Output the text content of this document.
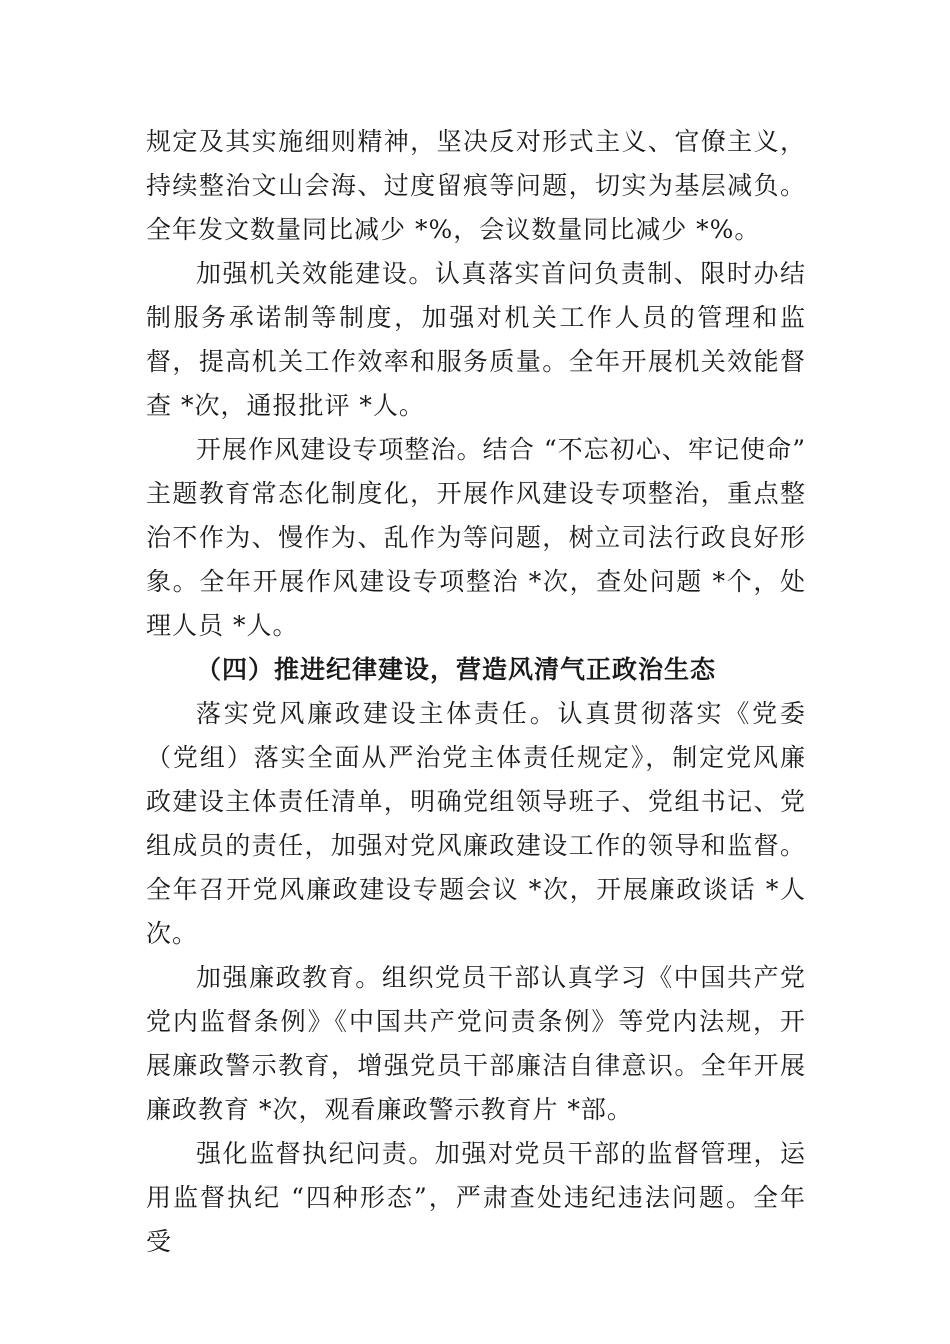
规定及其实施细则精神，坚决反对形式主义、官僚主义，持续整治文山会海、过度留痕等问题，切实为基层减负。全年发文数量同比减少 *%，会议数量同比减少 *%。

加强机关效能建设。认真落实首问负责制、限时办结制服务承诺制等制度，加强对机关工作人员的管理和监督，提高机关工作效率和服务质量。全年开展机关效能督查 *次，通报批评 *人。

开展作风建设专项整治。结合 “不忘初心、牢记使命” 主题教育常态化制度化，开展作风建设专项整治，重点整治不作为、慢作为、乱作为等问题，树立司法行政良好形象。全年开展作风建设专项整治 *次，查处问题 *个，处理人员 *人。

（四）推进纪律建设，营造风清气正政治生态

落实党风廉政建设主体责任。认真贯彻落实《党委（党组）落实全面从严治党主体责任规定》，制定党风廉政建设主体责任清单，明确党组领导班子、党组书记、党组成员的责任，加强对党风廉政建设工作的领导和监督。全年召开党风廉政建设专题会议 *次，开展廉政谈话 *人次。

加强廉政教育。组织党员干部认真学习《中国共产党党内监督条例》《中国共产党问责条例》等党内法规，开展廉政警示教育，增强党员干部廉洁自律意识。全年开展廉政教育 *次，观看廉政警示教育片 *部。

强化监督执纪问责。加强对党员干部的监督管理，运用监督执纪 “四种形态”，严肃查处违纪违法问题。全年受
